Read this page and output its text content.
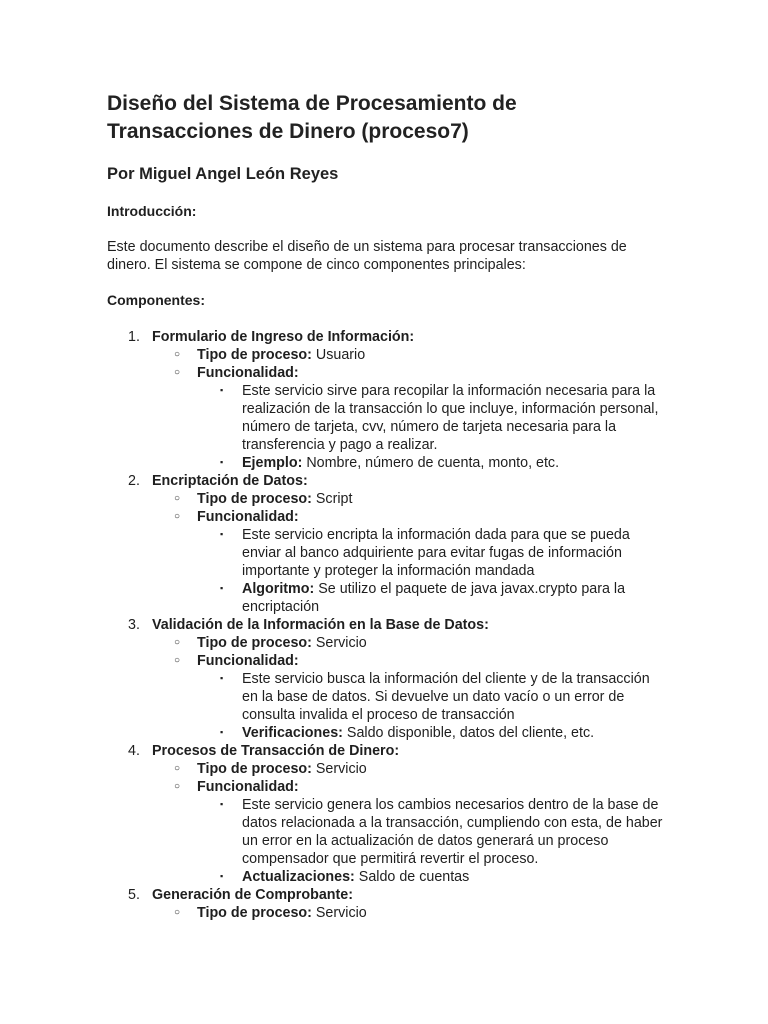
Diseño del Sistema de Procesamiento de Transacciones de Dinero (proceso7)
Por Miguel Angel León Reyes
Introducción:
Este documento describe el diseño de un sistema para procesar transacciones de dinero. El sistema se compone de cinco componentes principales:
Componentes:
1. Formulario de Ingreso de Información:
○ Tipo de proceso: Usuario
○ Funcionalidad:
▪ Este servicio sirve para recopilar la información necesaria para la realización de la transacción lo que incluye, información personal, número de tarjeta, cvv, número de tarjeta necesaria para la transferencia y pago a realizar.
▪ Ejemplo: Nombre, número de cuenta, monto, etc.
2. Encriptación de Datos:
○ Tipo de proceso: Script
○ Funcionalidad:
▪ Este servicio encripta la información dada para que se pueda enviar al banco adquiriente para evitar fugas de información importante y proteger la información mandada
▪ Algoritmo: Se utilizo el paquete de java javax.crypto para la encriptación
3. Validación de la Información en la Base de Datos:
○ Tipo de proceso: Servicio
○ Funcionalidad:
▪ Este servicio busca la información del cliente y de la transacción en la base de datos. Si devuelve un dato vacío o un error de consulta invalida el proceso de transacción
▪ Verificaciones: Saldo disponible, datos del cliente, etc.
4. Procesos de Transacción de Dinero:
○ Tipo de proceso: Servicio
○ Funcionalidad:
▪ Este servicio genera los cambios necesarios dentro de la base de datos relacionada a la transacción, cumpliendo con esta, de haber un error en la actualización de datos generará un proceso compensador que permitirá revertir el proceso.
▪ Actualizaciones: Saldo de cuentas
5. Generación de Comprobante:
○ Tipo de proceso: Servicio
